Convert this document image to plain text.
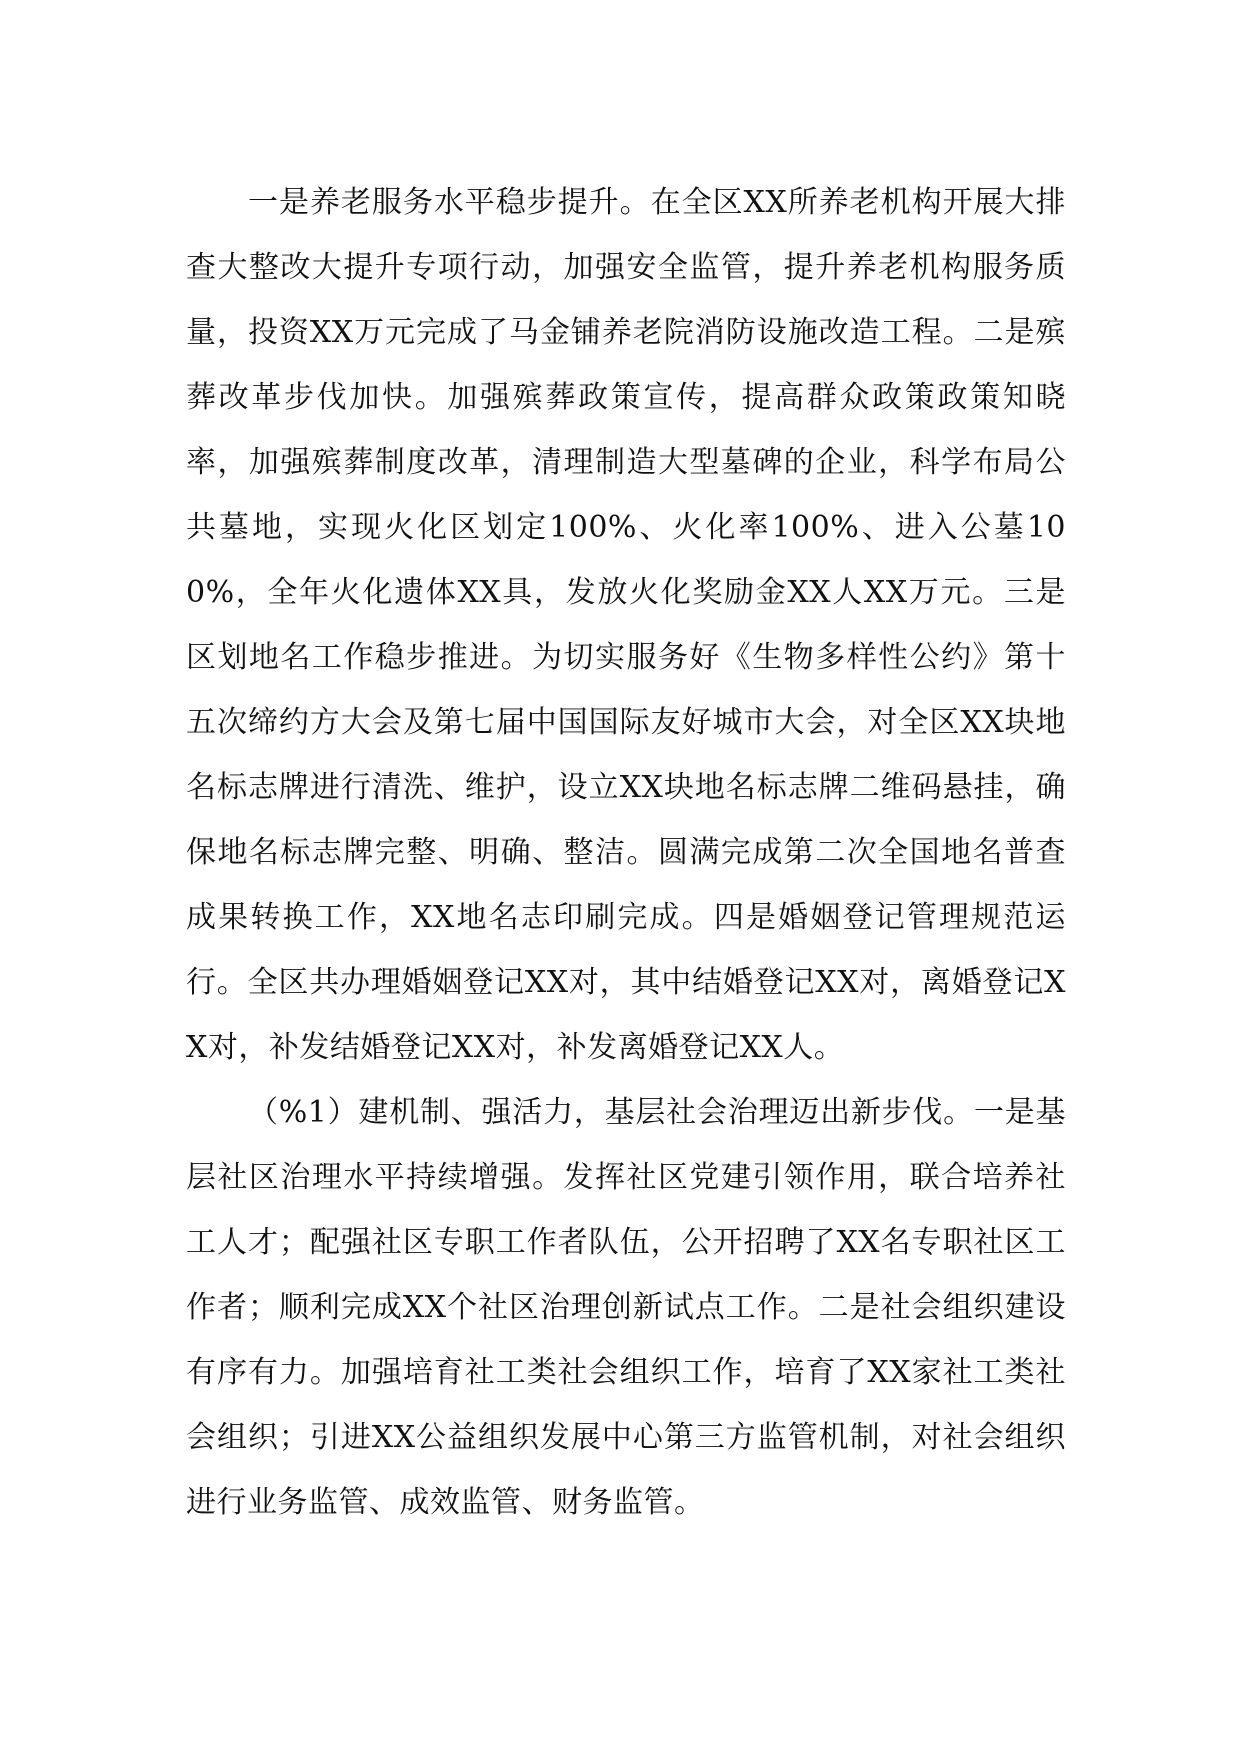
一是养老服务水平稳步提升。在全区XX所养老机构开展大排查大整改大提升专项行动，加强安全监管，提升养老机构服务质量，投资XX万元完成了马金铺养老院消防设施改造工程。二是殡葬改革步伐加快。加强殡葬政策宣传，提高群众政策政策知晓率，加强殡葬制度改革，清理制造大型墓碑的企业，科学布局公共墓地，实现火化区划定100%、火化率100%、进入公墓100%，全年火化遗体XX具，发放火化奖励金XX人XX万元。三是区划地名工作稳步推进。为切实服务好《生物多样性公约》第十五次缔约方大会及第七届中国国际友好城市大会，对全区XX块地名标志牌进行清洗、维护，设立XX块地名标志牌二维码悬挂，确保地名标志牌完整、明确、整洁。圆满完成第二次全国地名普查成果转换工作，XX地名志印刷完成。四是婚姻登记管理规范运行。全区共办理婚姻登记XX对，其中结婚登记XX对，离婚登记XX对，补发结婚登记XX对，补发离婚登记XX人。

（%1）建机制、强活力，基层社会治理迈出新步伐。一是基层社区治理水平持续增强。发挥社区党建引领作用，联合培养社工人才；配强社区专职工作者队伍，公开招聘了XX名专职社区工作者；顺利完成XX个社区治理创新试点工作。二是社会组织建设有序有力。加强培育社工类社会组织工作，培育了XX家社工类社会组织；引进XX公益组织发展中心第三方监管机制，对社会组织进行业务监管、成效监管、财务监管。
